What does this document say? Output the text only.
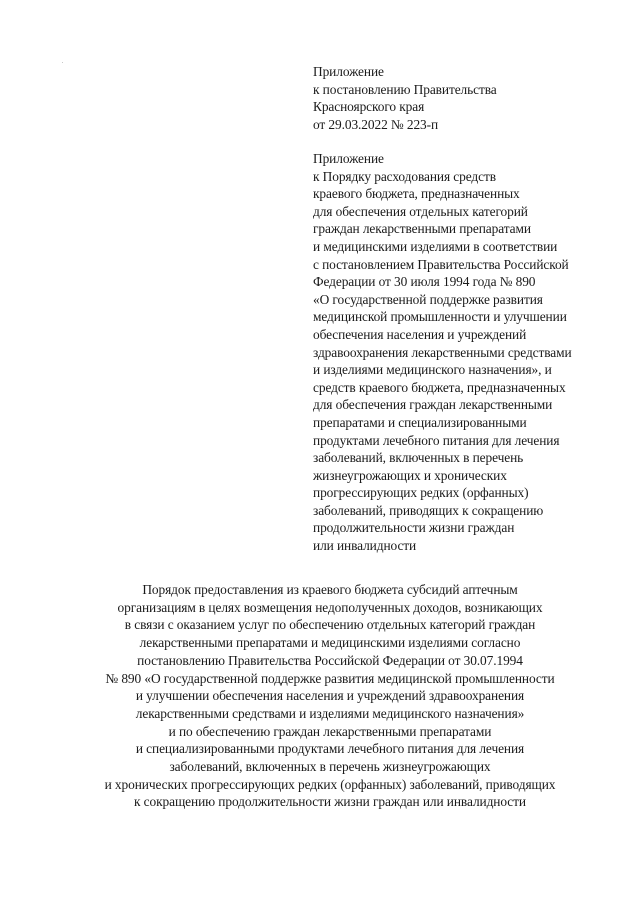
Приложение
к постановлению Правительства
Красноярского края
от 29.03.2022 № 223-п
Приложение
к Порядку расходования средств
краевого бюджета, предназначенных
для обеспечения отдельных категорий
граждан лекарственными препаратами
и медицинскими изделиями в соответствии
с постановлением Правительства Российской
Федерации от 30 июля 1994 года № 890
«О государственной поддержке развития
медицинской промышленности и улучшении
обеспечения населения и учреждений
здравоохранения лекарственными средствами
и изделиями медицинского назначения», и
средств краевого бюджета, предназначенных
для обеспечения граждан лекарственными
препаратами и специализированными
продуктами лечебного питания для лечения
заболеваний, включенных в перечень
жизнеугрожающих и хронических
прогрессирующих редких (орфанных)
заболеваний, приводящих к сокращению
продолжительности жизни граждан
или инвалидности
Порядок предоставления из краевого бюджета субсидий аптечным
организациям в целях возмещения недополученных доходов, возникающих
в связи с оказанием услуг по обеспечению отдельных категорий граждан
лекарственными препаратами и медицинскими изделиями согласно
постановлению Правительства Российской Федерации от 30.07.1994
№ 890 «О государственной поддержке развития медицинской промышленности
и улучшении обеспечения населения и учреждений здравоохранения
лекарственными средствами и изделиями медицинского назначения»
и по обеспечению граждан лекарственными препаратами
и специализированными продуктами лечебного питания для лечения
заболеваний, включенных в перечень жизнеугрожающих
и хронических прогрессирующих редких (орфанных) заболеваний, приводящих
к сокращению продолжительности жизни граждан или инвалидности
